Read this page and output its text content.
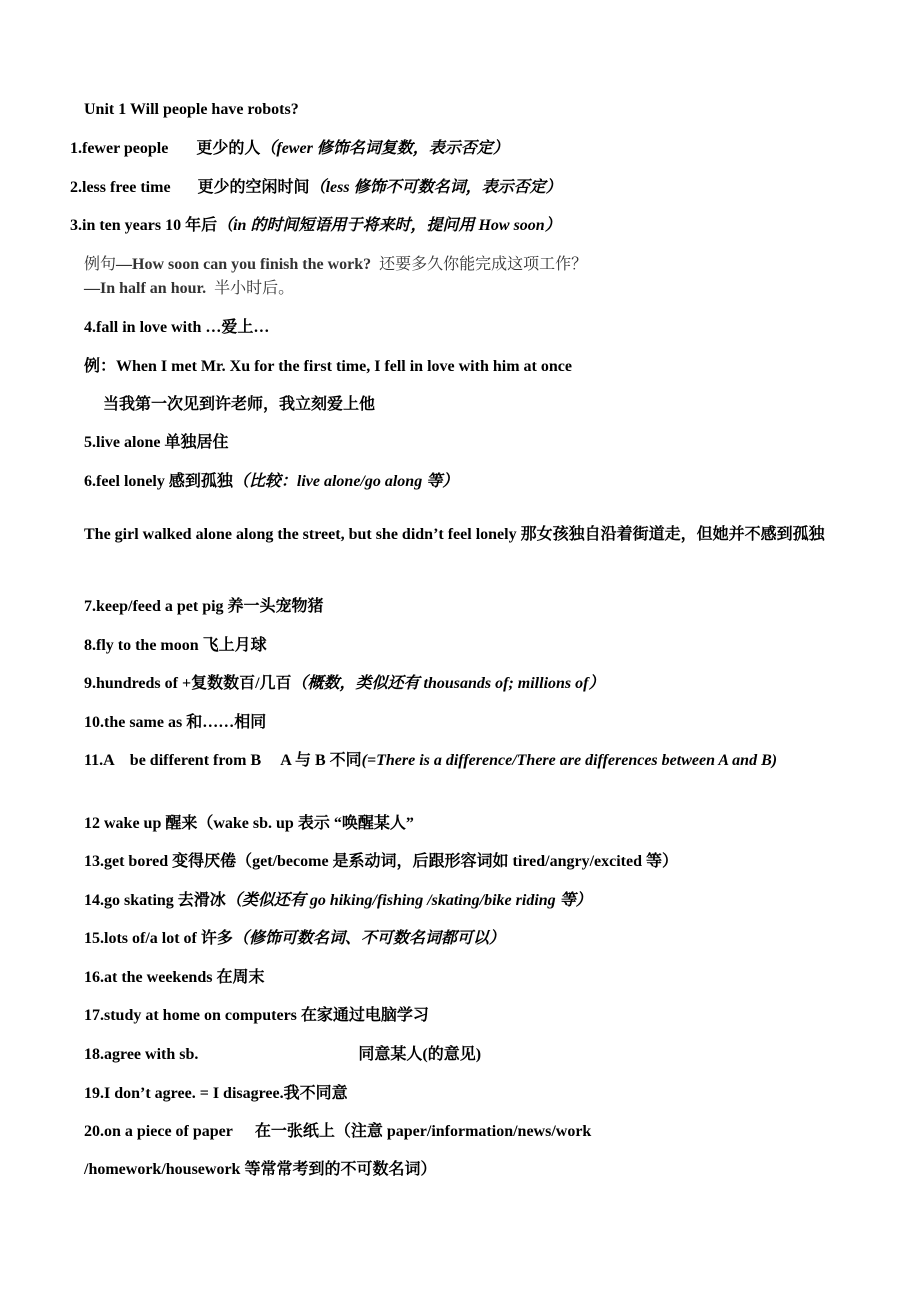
Unit 1 Will people have robots?
1.fewer people 更少的人（fewer 修饰名词复数，表示否定）
2.less free time 更少的空闲时间（less 修饰不可数名词，表示否定）
3.in ten years 10 年后（in 的时间短语用于将来时，提问用 How soon）
例句—How soon can you finish the work? 还要多久你能完成这项工作？
—In half an hour. 半小时后。
4.fall in love with …爱上…
例：When I met Mr. Xu for the first time, I fell in love with him at once
当我第一次见到许老师，我立刻爱上他
5.live alone 单独居住
6.feel lonely 感到孤独（比较：live alone/go along 等）
The girl walked alone along the street, but she didn’t feel lonely 那女孩独自沿着街道走，但她并不感到孤独
7.keep/feed a pet pig 养一头宠物猪
8.fly to the moon 飞上月球
9.hundreds of +复数数百/几百（概数，类似还有 thousands of; millions of）
10.the same as 和……相同
11.A    be different from B     A 与 B 不同(=There is a difference/There are differences between A and B)
12 wake up 醒来（wake sb. up 表示 “唤醒某人”
13.get bored 变得厌倦（get/become 是系动词，后跟形容词如 tired/angry/excited 等）
14.go skating 去滑冰（类似还有 go hiking/fishing /skating/bike riding 等）
15.lots of/a lot of 许多（修饰可数名词、不可数名词都可以）
16.at the weekends 在周末
17.study at home on computers 在家通过电脑学习
18.agree with sb.	同意某人(的意见)
19.I don’t agree. = I disagree.我不同意
20.on a piece of paper 在一张纸上（注意 paper/information/news/work
/homework/housework 等常常考到的不可数名词）
